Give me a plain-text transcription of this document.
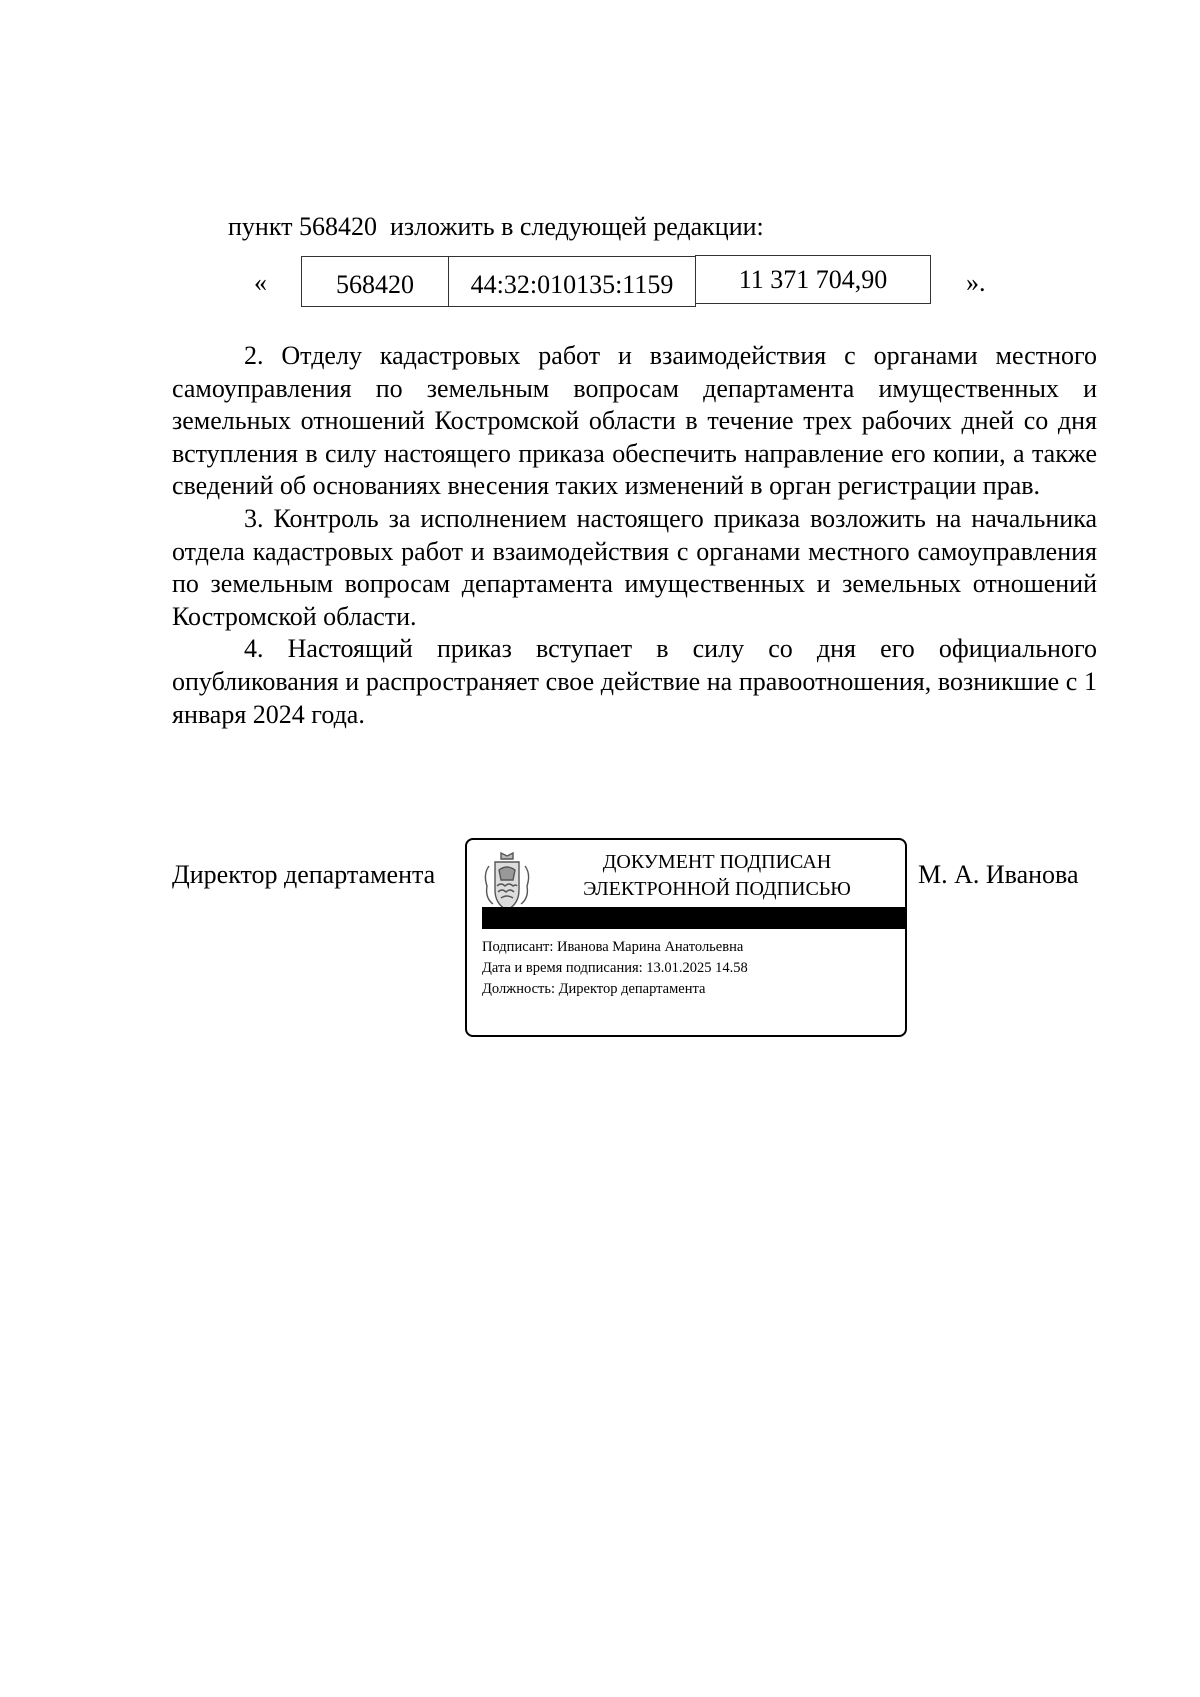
пункт 568420  изложить в следующей редакции:
«	568420	44:32:010135:1159	11 371 704,90	».

2. Отделу кадастровых работ и взаимодействия с органами местного самоуправления по земельным вопросам департамента имущественных и земельных отношений Костромской области в течение трех рабочих дней со дня вступления в силу настоящего приказа обеспечить направление его копии, а также сведений об основаниях внесения таких изменений в орган регистрации прав.

3. Контроль за исполнением настоящего приказа возложить на начальника отдела кадастровых работ и взаимодействия с органами местного самоуправления по земельным вопросам департамента имущественных и земельных отношений Костромской области.

4. Настоящий приказ вступает в силу со дня его официального опубликования и распространяет свое действие на правоотношения, возникшие с 1 января 2024 года.

Директор департамента	ДОКУМЕНТ ПОДПИСАН
ЭЛЕКТРОННОЙ ПОДПИСЬЮ
Подписант: Иванова Марина Анатольевна
Дата и время подписания: 13.01.2025 14.58
Должность: Директор департамента
М. А. Иванова
